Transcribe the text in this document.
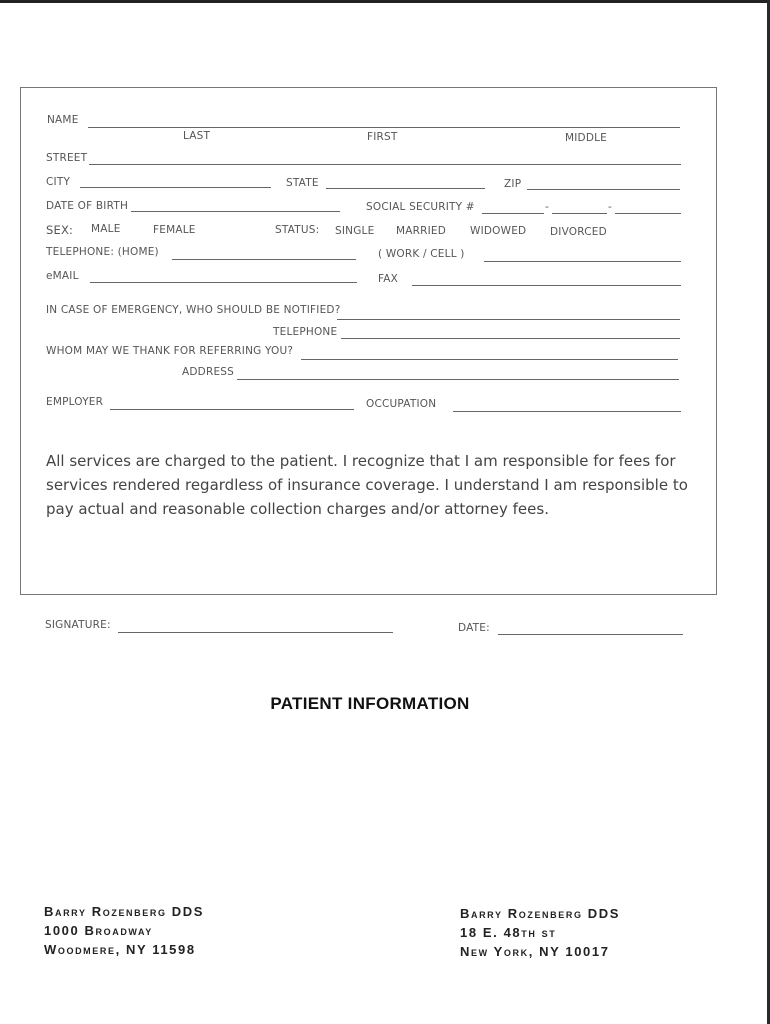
NAME
LAST	FIRST	MIDDLE
STREET
CITY	STATE	ZIP
DATE OF BIRTH	SOCIAL SECURITY #	-	-
SEX: MALE	FEMALE	STATUS: SINGLE MARRIED WIDOWED DIVORCED
TELEPHONE: (HOME)	( WORK / CELL )
eMAIL	FAX
IN CASE OF EMERGENCY, WHO SHOULD BE NOTIFIED?
TELEPHONE
WHOM MAY WE THANK FOR REFERRING YOU?
ADDRESS
EMPLOYER	OCCUPATION
All services are charged to the patient. I recognize that I am responsible for fees for
services rendered regardless of insurance coverage. I understand I am responsible to
pay actual and reasonable collection charges and/or attorney fees.
SIGNATURE:	DATE:
PATIENT INFORMATION
Barry Rozenberg DDS
1000 Broadway
Woodmere, NY 11598
Barry Rozenberg DDS
18 E. 48th st
New York, NY 10017
